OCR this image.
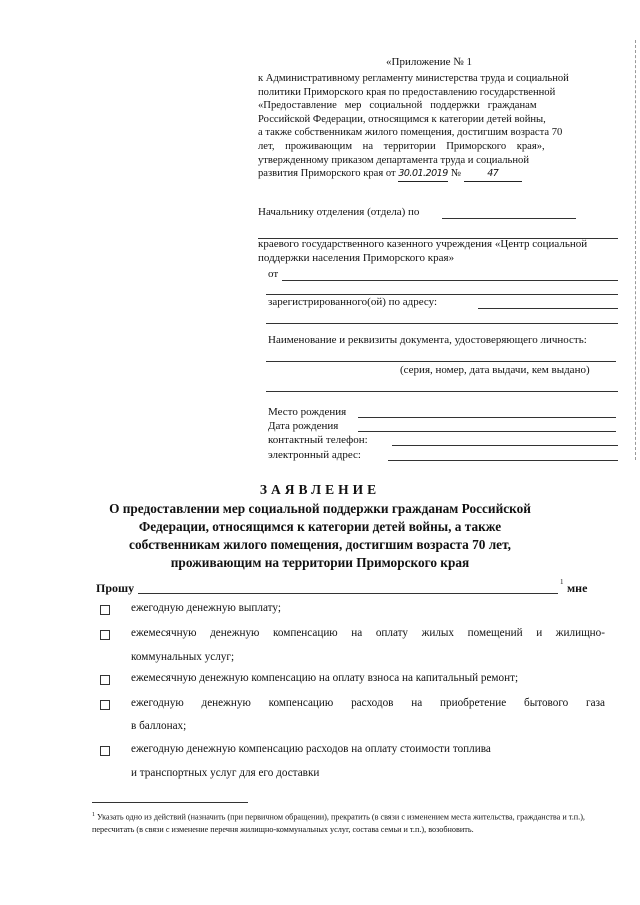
«Приложение № 1
к Административному регламенту министерства труда и социальной
политики Приморского края по предоставлению государственной
«Предоставление   мер   социальной   поддержки   гражданам
Российской Федерации, относящимся к категории детей войны,
а также собственникам жилого помещения, достигшим возраста 70
лет,    проживающим    на    территории    Приморского    края»,
утвержденному приказом департамента труда и социальной
развития Приморского края от 30.01.2019 №	47
Начальнику отделения (отдела) по
краевого государственного казенного учреждения «Центр социальной поддержки населения Приморского края»
от
зарегистрированного(ой) по адресу:
Наименование и реквизиты документа, удостоверяющего личность:
(серия, номер, дата выдачи, кем выдано)
Место рождения
Дата рождения
контактный телефон:
электронный адрес:
ЗАЯВЛЕНИЕ
О предоставлении мер социальной поддержки гражданам Российской
Федерации, относящимся к категории детей войны, а также
собственникам жилого помещения, достигшим возраста 70 лет,
проживающим на территории Приморского края
Прошу	1 мне
ежегодную денежную выплату;
ежемесячную денежную компенсацию на оплату жилых помещений и жилищно-
коммунальных услуг;
ежемесячную денежную компенсацию на оплату взноса на капитальный ремонт;
ежегодную денежную компенсацию расходов на приобретение бытового газа
в баллонах;
ежегодную денежную компенсацию расходов на оплату стоимости топлива
и транспортных услуг для его доставки
$^1$ Указать одно из действий (назначить (при первичном обращении), прекратить (в связи с изменением места жительства, гражданства и т.п.), пересчитать (в связи с изменение перечня жилищно-коммунальных услуг, состава семьи и т.п.), возобновить.
